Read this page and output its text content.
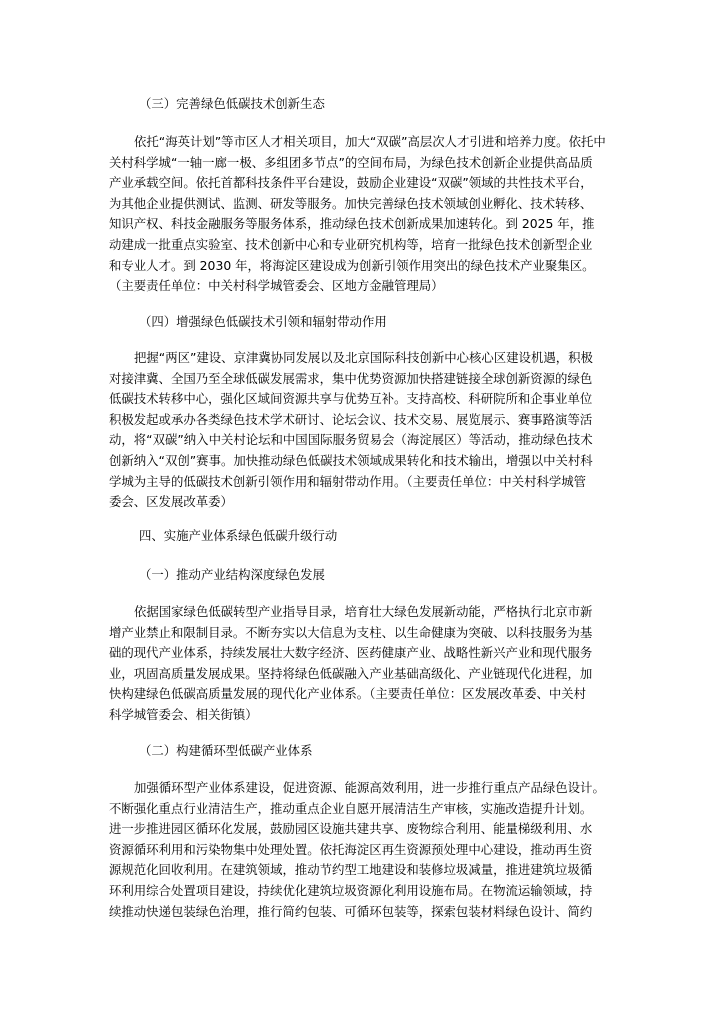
（三）完善绿色低碳技术创新生态
依托“海英计划”等市区人才相关项目，加大“双碳”高层次人才引进和培养力度。依托中
关村科学城“一轴一廊一极、多组团多节点”的空间布局，为绿色技术创新企业提供高品质
产业承载空间。依托首都科技条件平台建设，鼓励企业建设“双碳”领域的共性技术平台，
为其他企业提供测试、监测、研发等服务。加快完善绿色技术领域创业孵化、技术转移、
知识产权、科技金融服务等服务体系，推动绿色技术创新成果加速转化。到 2025 年，推
动建成一批重点实验室、技术创新中心和专业研究机构等，培育一批绿色技术创新型企业
和专业人才。到 2030 年，将海淀区建设成为创新引领作用突出的绿色技术产业聚集区。
（主要责任单位：中关村科学城管委会、区地方金融管理局）
（四）增强绿色低碳技术引领和辐射带动作用
把握“两区”建设、京津冀协同发展以及北京国际科技创新中心核心区建设机遇，积极
对接津冀、全国乃至全球低碳发展需求，集中优势资源加快搭建链接全球创新资源的绿色
低碳技术转移中心，强化区域间资源共享与优势互补。支持高校、科研院所和企事业单位
积极发起或承办各类绿色技术学术研讨、论坛会议、技术交易、展览展示、赛事路演等活
动，将“双碳”纳入中关村论坛和中国国际服务贸易会（海淀展区）等活动，推动绿色技术
创新纳入“双创”赛事。加快推动绿色低碳技术领域成果转化和技术输出，增强以中关村科
学城为主导的低碳技术创新引领作用和辐射带动作用。（主要责任单位：中关村科学城管
委会、区发展改革委）
四、实施产业体系绿色低碳升级行动
（一）推动产业结构深度绿色发展
依据国家绿色低碳转型产业指导目录，培育壮大绿色发展新动能，严格执行北京市新
增产业禁止和限制目录。不断夯实以大信息为支柱、以生命健康为突破、以科技服务为基
础的现代产业体系，持续发展壮大数字经济、医药健康产业、战略性新兴产业和现代服务
业，巩固高质量发展成果。坚持将绿色低碳融入产业基础高级化、产业链现代化进程，加
快构建绿色低碳高质量发展的现代化产业体系。（主要责任单位：区发展改革委、中关村
科学城管委会、相关街镇）
（二）构建循环型低碳产业体系
加强循环型产业体系建设，促进资源、能源高效利用，进一步推行重点产品绿色设计。
不断强化重点行业清洁生产，推动重点企业自愿开展清洁生产审核，实施改造提升计划。
进一步推进园区循环化发展，鼓励园区设施共建共享、废物综合利用、能量梯级利用、水
资源循环利用和污染物集中处理处置。依托海淀区再生资源预处理中心建设，推动再生资
源规范化回收利用。在建筑领域，推动节约型工地建设和装修垃圾减量，推进建筑垃圾循
环利用综合处置项目建设，持续优化建筑垃圾资源化利用设施布局。在物流运输领域，持
续推动快递包装绿色治理，推行简约包装、可循环包装等，探索包装材料绿色设计、简约
